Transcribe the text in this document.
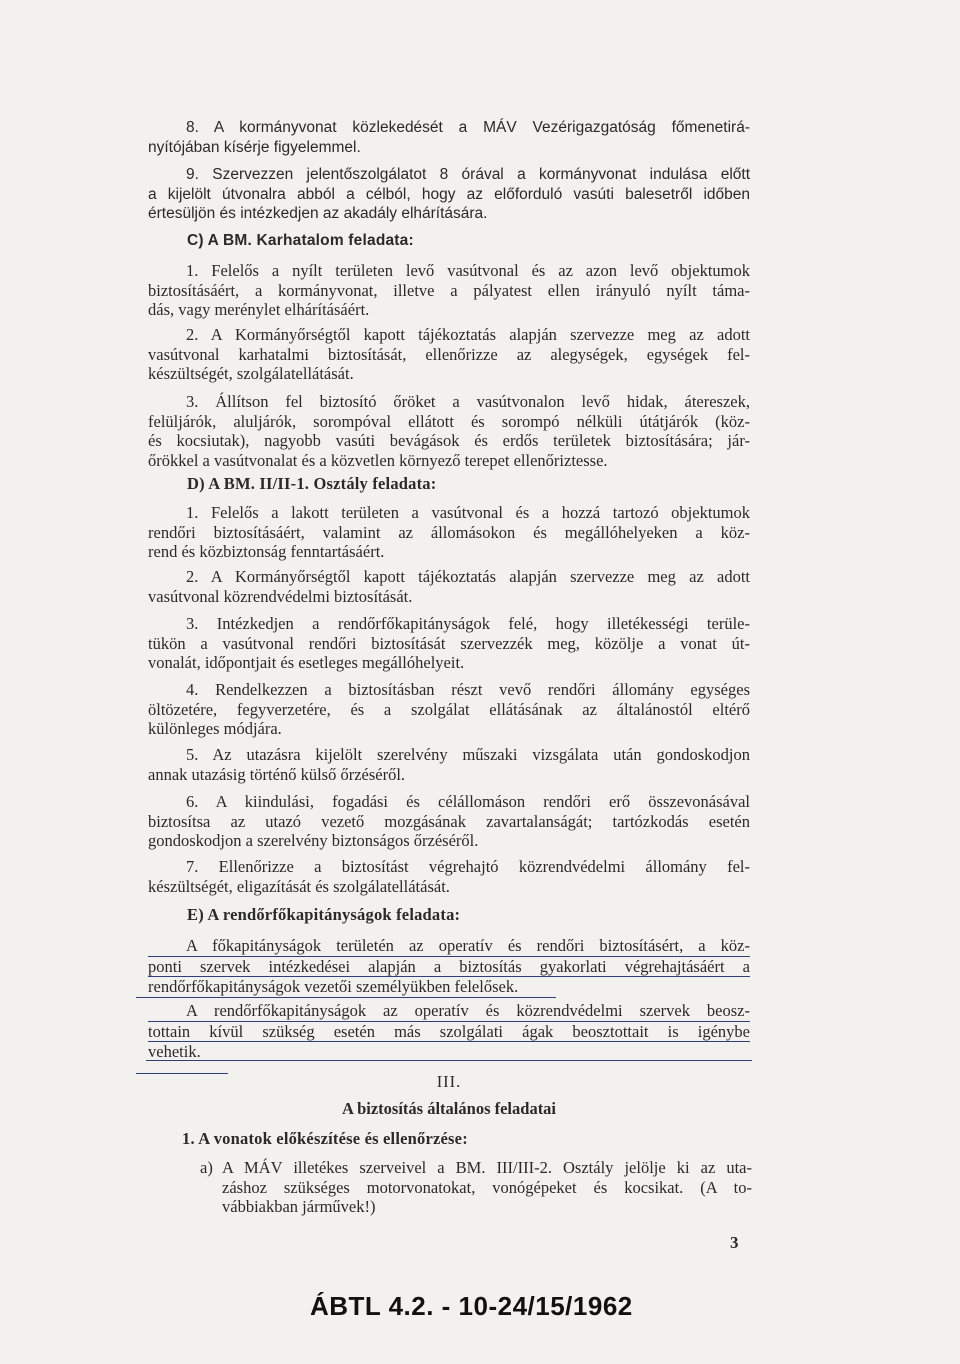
8. A kormányvonat közlekedését a MÁV Vezérigazgatóság főmenetirá-
nyítójában kísérje figyelemmel.
9. Szervezzen jelentőszolgálatot 8 órával a kormányvonat indulása előtt
a kijelölt útvonalra abból a célból, hogy az előforduló vasúti balesetről időben
értesüljön és intézkedjen az akadály elhárítására.
C) A BM. Karhatalom feladata:
1. Felelős a nyílt területen levő vasútvonal és az azon levő objektumok
biztosításáért, a kormányvonat, illetve a pályatest ellen irányuló nyílt táma-
dás, vagy merénylet elhárításáért.
2. A Kormányőrségtől kapott tájékoztatás alapján szervezze meg az adott
vasútvonal karhatalmi biztosítását, ellenőrizze az alegységek, egységek fel-
készültségét, szolgálatellátását.
3. Állítson fel biztosító őröket a vasútvonalon levő hidak, átereszek,
felüljárók, aluljárók, sorompóval ellátott és sorompó nélküli útátjárók (köz-
és kocsiutak), nagyobb vasúti bevágások és erdős területek biztosítására; jár-
őrökkel a vasútvonalat és a közvetlen környező terepet ellenőriztesse.
D) A BM. II/II-1. Osztály feladata:
1. Felelős a lakott területen a vasútvonal és a hozzá tartozó objektumok
rendőri biztosításáért, valamint az állomásokon és megállóhelyeken a köz-
rend és közbiztonság fenntartásáért.
2. A Kormányőrségtől kapott tájékoztatás alapján szervezze meg az adott
vasútvonal közrendvédelmi biztosítását.
3. Intézkedjen a rendőrfőkapitányságok felé, hogy illetékességi terüle-
tükön a vasútvonal rendőri biztosítását szervezzék meg, közölje a vonat út-
vonalát, időpontjait és esetleges megállóhelyeit.
4. Rendelkezzen a biztosításban részt vevő rendőri állomány egységes
öltözetére, fegyverzetére, és a szolgálat ellátásának az általánostól eltérő
különleges módjára.
5. Az utazásra kijelölt szerelvény műszaki vizsgálata után gondoskodjon
annak utazásig történő külső őrzéséről.
6. A kiindulási, fogadási és célállomáson rendőri erő összevonásával
biztosítsa az utazó vezető mozgásának zavartalanságát; tartózkodás esetén
gondoskodjon a szerelvény biztonságos őrzéséről.
7. Ellenőrizze a biztosítást végrehajtó közrendvédelmi állomány fel-
készültségét, eligazítását és szolgálatellátását.
E) A rendőrfőkapitányságok feladata:
A főkapitányságok területén az operatív és rendőri biztosításért, a köz-
ponti szervek intézkedései alapján a biztosítás gyakorlati végrehajtásáért a
rendőrfőkapitányságok vezetői személyükben felelősek.
A rendőrfőkapitányságok az operatív és közrendvédelmi szervek beosz-
tottain kívül szükség esetén más szolgálati ágak beosztottait is igénybe
vehetik.
III.
A biztosítás általános feladatai
1. A vonatok előkészítése és ellenőrzése:
a) A MÁV illetékes szerveivel a BM. III/III-2. Osztály jelölje ki az uta-
záshoz szükséges motorvonatokat, vonógépeket és kocsikat. (A to-
vábbiakban járművek!)
3
ÁBTL 4.2. - 10-24/15/1962
